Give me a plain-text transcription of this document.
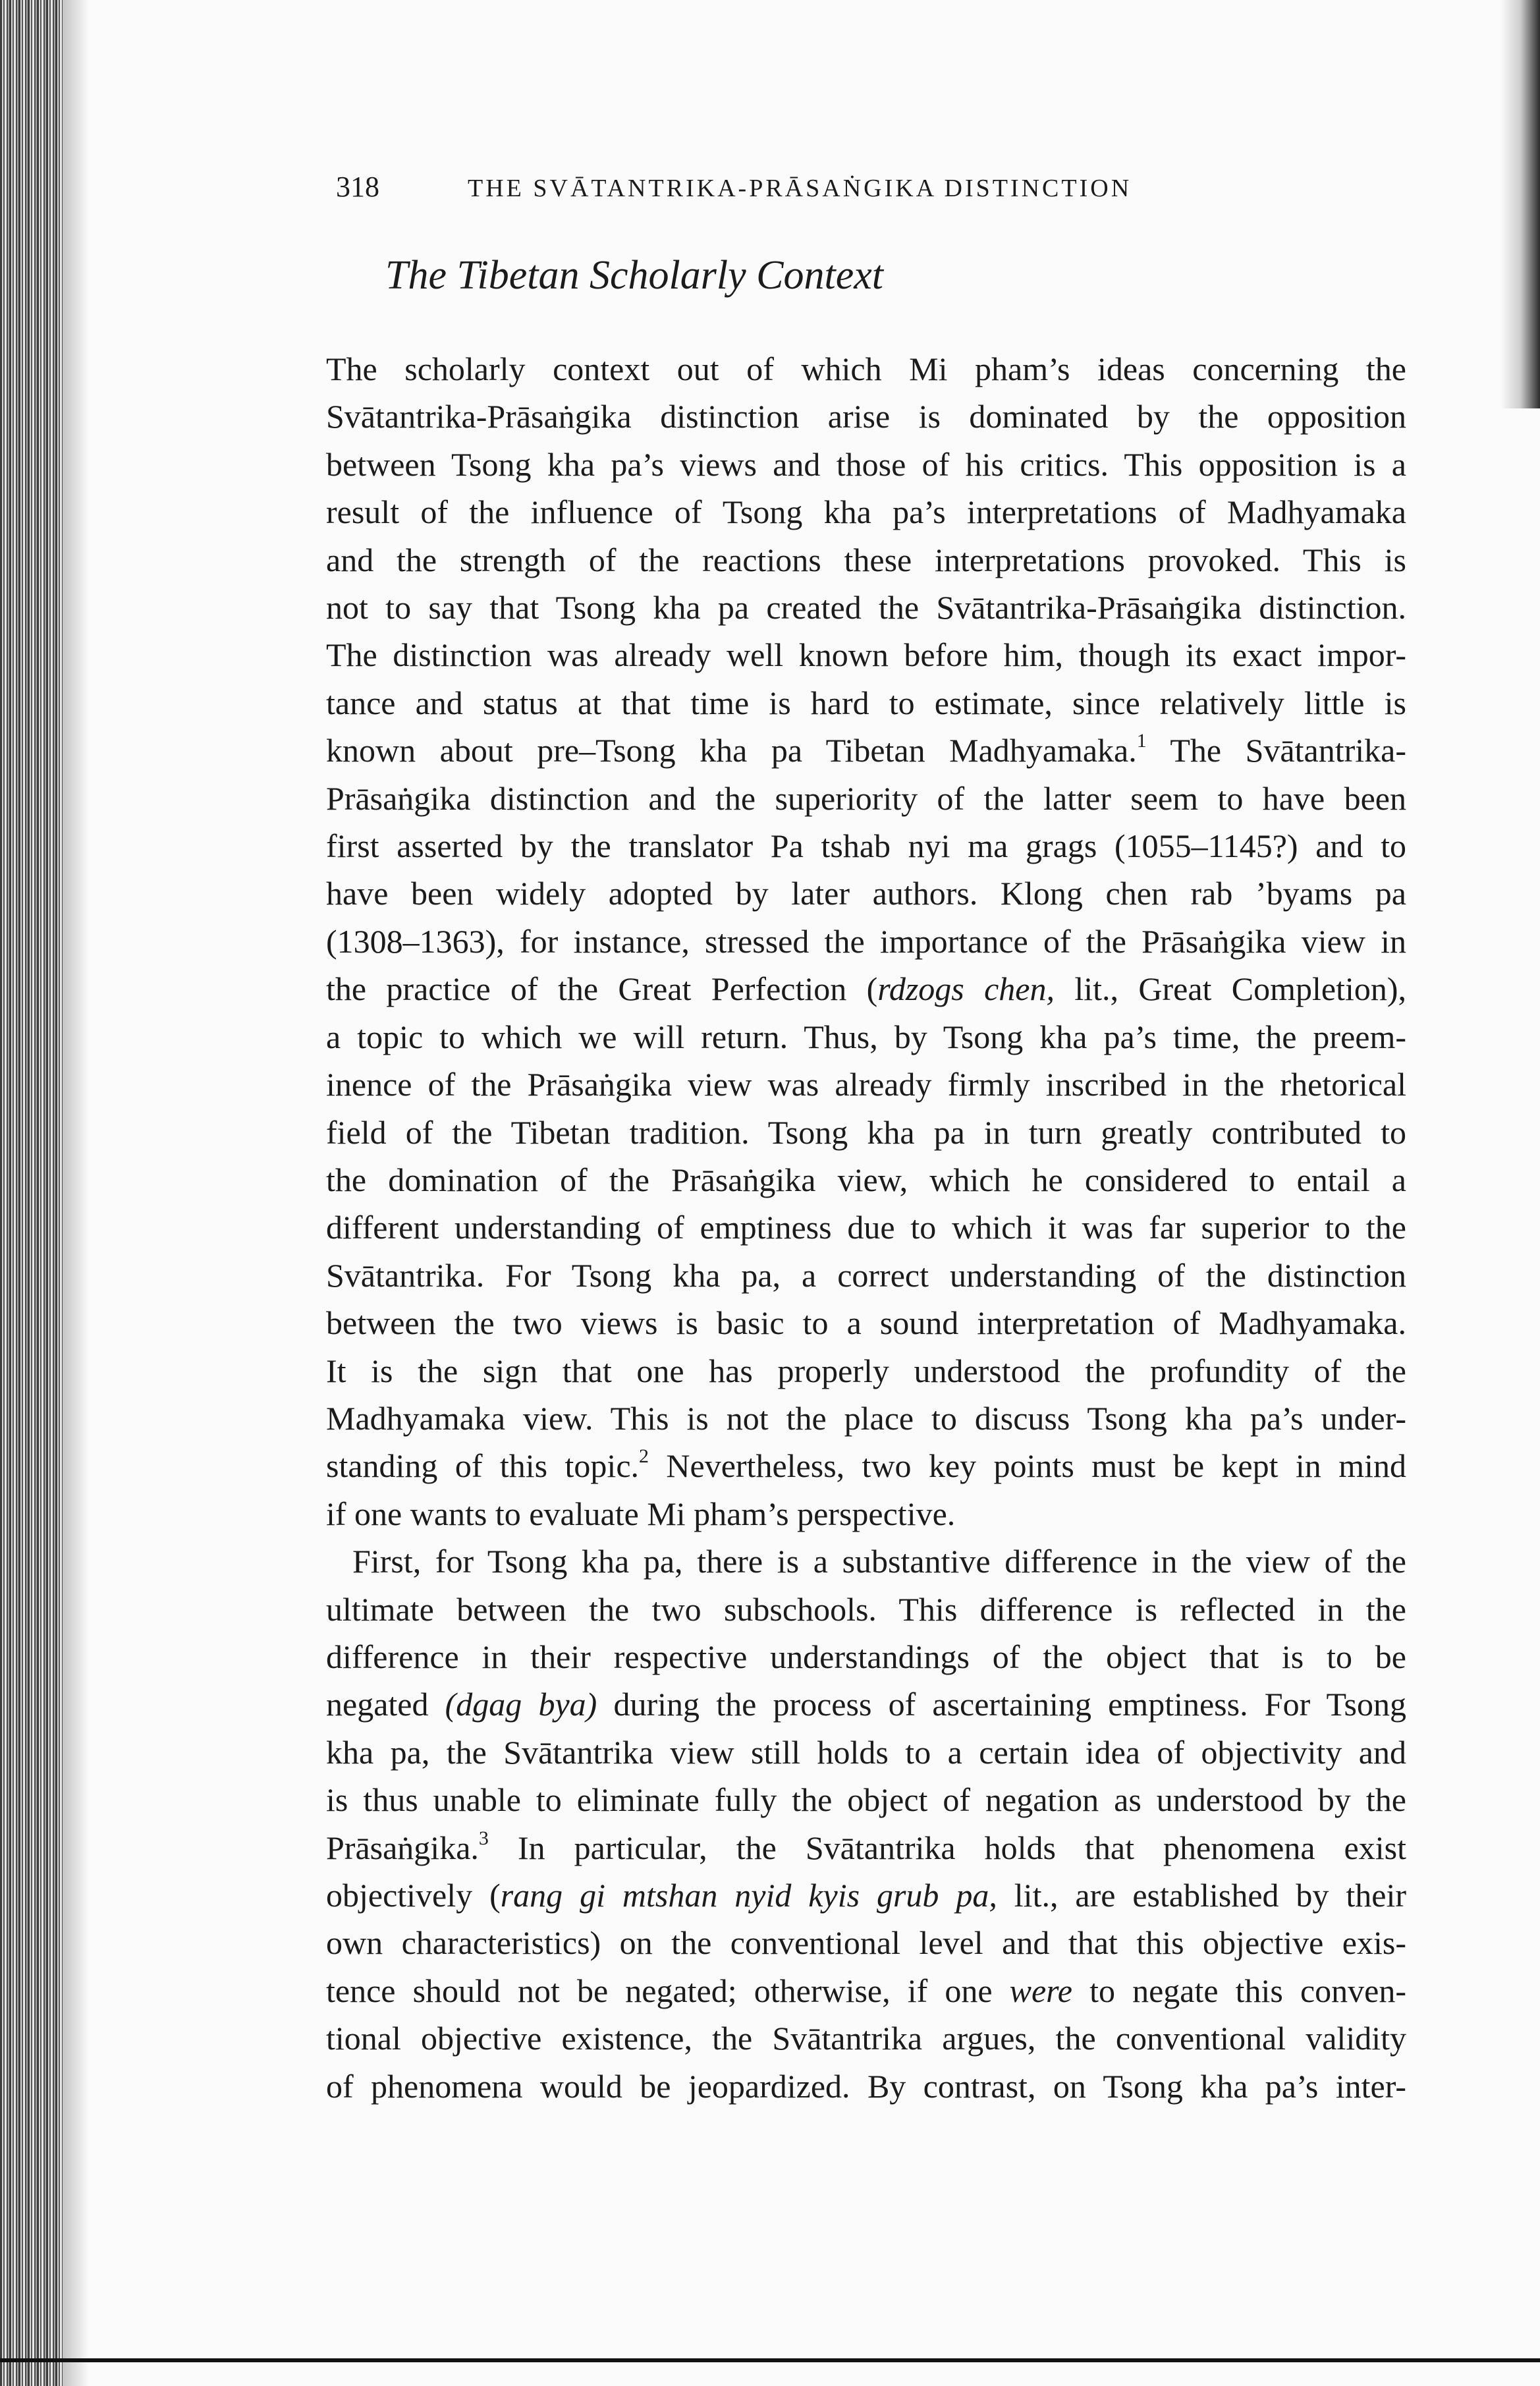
318	THE SVĀTANTRIKA-PRĀSAṄGIKA DISTINCTION
The Tibetan Scholarly Context
The scholarly context out of which Mi pham’s ideas concerning the
Svātantrika-Prāsaṅgika distinction arise is dominated by the opposition
between Tsong kha pa’s views and those of his critics. This opposition is a
result of the influence of Tsong kha pa’s interpretations of Madhyamaka
and the strength of the reactions these interpretations provoked. This is
not to say that Tsong kha pa created the Svātantrika-Prāsaṅgika distinction.
The distinction was already well known before him, though its exact impor-
tance and status at that time is hard to estimate, since relatively little is
known about pre–Tsong kha pa Tibetan Madhyamaka.$^1$ The Svātantrika-
Prāsaṅgika distinction and the superiority of the latter seem to have been
first asserted by the translator Pa tshab nyi ma grags (1055–1145?) and to
have been widely adopted by later authors. Klong chen rab ’byams pa
(1308–1363), for instance, stressed the importance of the Prāsaṅgika view in
the practice of the Great Perfection (rdzogs chen, lit., Great Completion),
a topic to which we will return. Thus, by Tsong kha pa’s time, the preem-
inence of the Prāsaṅgika view was already firmly inscribed in the rhetorical
field of the Tibetan tradition. Tsong kha pa in turn greatly contributed to
the domination of the Prāsaṅgika view, which he considered to entail a
different understanding of emptiness due to which it was far superior to the
Svātantrika. For Tsong kha pa, a correct understanding of the distinction
between the two views is basic to a sound interpretation of Madhyamaka.
It is the sign that one has properly understood the profundity of the
Madhyamaka view. This is not the place to discuss Tsong kha pa’s under-
standing of this topic.$^2$ Nevertheless, two key points must be kept in mind
if one wants to evaluate Mi pham’s perspective.
First, for Tsong kha pa, there is a substantive difference in the view of the
ultimate between the two subschools. This difference is reflected in the
difference in their respective understandings of the object that is to be
negated (dgag bya) during the process of ascertaining emptiness. For Tsong
kha pa, the Svātantrika view still holds to a certain idea of objectivity and
is thus unable to eliminate fully the object of negation as understood by the
Prāsaṅgika.$^3$ In particular, the Svātantrika holds that phenomena exist
objectively (rang gi mtshan nyid kyis grub pa, lit., are established by their
own characteristics) on the conventional level and that this objective exis-
tence should not be negated; otherwise, if one were to negate this conven-
tional objective existence, the Svātantrika argues, the conventional validity
of phenomena would be jeopardized. By contrast, on Tsong kha pa’s inter-
